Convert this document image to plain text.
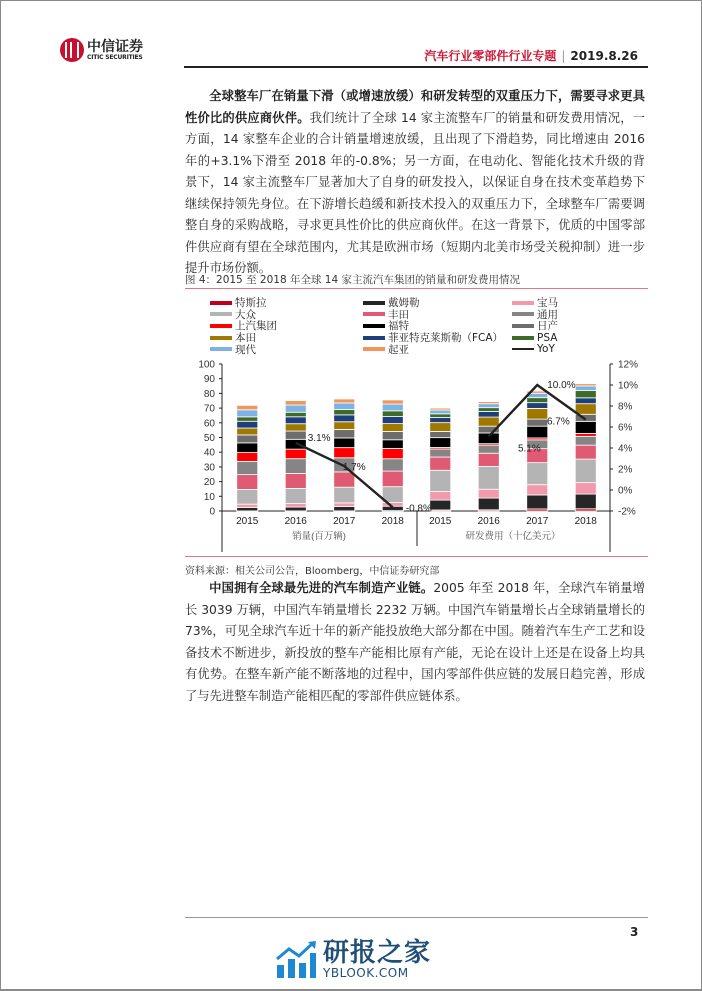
中信证券
CITIC SECURITIES	汽车行业零部件行业专题 | 2019.8.26
全球整车厂在销量下滑（或增速放缓）和研发转型的双重压力下，需要寻求更具性价比的供应商伙伴。我们统计了全球 14 家主流整车厂的销量和研发费用情况，一方面，14 家整车企业的合计销量增速放缓，且出现了下滑趋势，同比增速由 2016 年的+3.1%下滑至 2018 年的-0.8%；另一方面，在电动化、智能化技术升级的背景下，14 家主流整车厂显著加大了自身的研发投入，以保证自身在技术变革趋势下继续保持领先身位。在下游增长趋缓和新技术投入的双重压力下，全球整车厂需要调整自身的采购战略，寻求更具性价比的供应商伙伴。在这一背景下，优质的中国零部件供应商有望在全球范围内，尤其是欧洲市场（短期内北美市场受关税抑制）进一步提升市场份额。
图 4：2015 至 2018 年全球 14 家主流汽车集团的销量和研发费用情况
特斯拉
大众
上汽集团
本田
现代
戴姆勒
丰田
福特
菲亚特克莱斯勒（FCA）
起亚
宝马
通用
日产
PSA
YoY
0
10
20
30
40
50
60
70
80
90
100
-2%
0%
2%
4%
6%
8%
10%
12%
2015	2016	2017	2018
销量(百万辆)
2015	2016	2017	2018
研发费用（十亿美元）
3.1%
1.7%
-0.8%
5.1%
10.0%
6.7%
资料来源：相关公司公告，Bloomberg，中信证券研究部
中国拥有全球最先进的汽车制造产业链。2005 年至 2018 年，全球汽车销量增长 3039 万辆，中国汽车销量增长 2232 万辆。中国汽车销量增长占全球销量增长的 73%，可见全球汽车近十年的新产能投放绝大部分都在中国。随着汽车生产工艺和设备技术不断进步，新投放的整车产能相比原有产能，无论在设计上还是在设备上均具有优势。在整车新产能不断落地的过程中，国内零部件供应链的发展日趋完善，形成了与先进整车制造产能相匹配的零部件供应链体系。
3
研报之家
YBLOOK.COM
